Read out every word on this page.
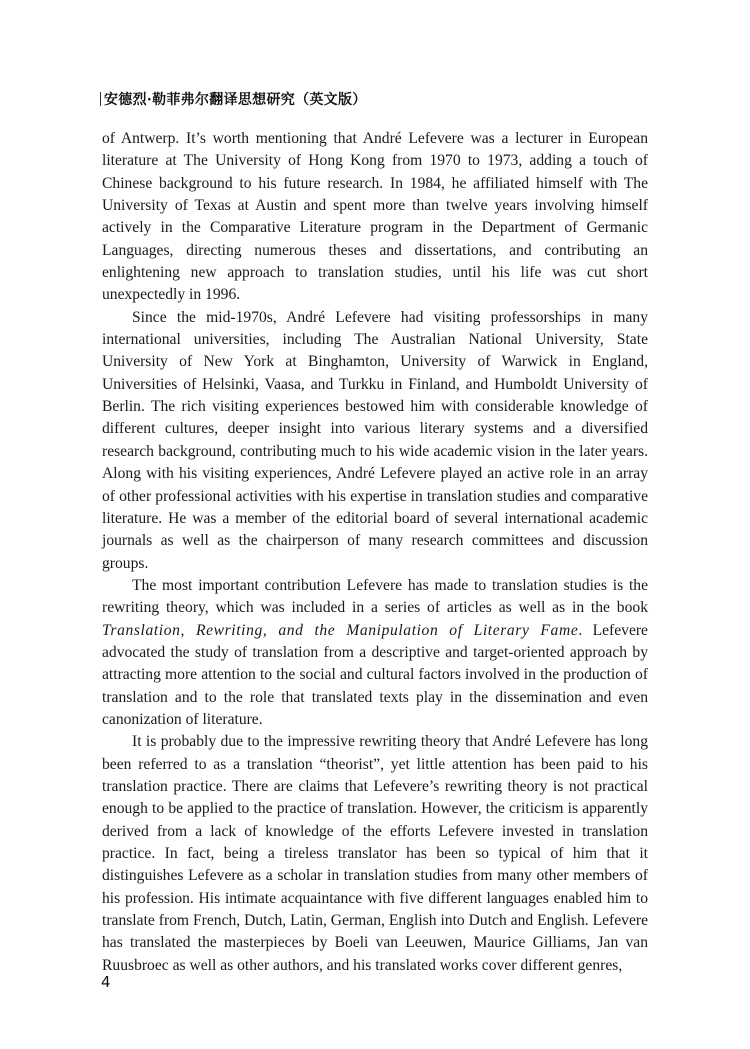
安德烈·勒菲弗尔翻译思想研究（英文版）

of Antwerp. It’s worth mentioning that André Lefevere was a lecturer in European literature at The University of Hong Kong from 1970 to 1973, adding a touch of Chinese background to his future research. In 1984, he affiliated himself with The University of Texas at Austin and spent more than twelve years involving himself actively in the Comparative Literature program in the Department of Germanic Languages, directing numerous theses and dissertations, and contributing an enlightening new approach to translation studies, until his life was cut short unexpectedly in 1996.

Since the mid-1970s, André Lefevere had visiting professorships in many international universities, including The Australian National University, State University of New York at Binghamton, University of Warwick in England, Universities of Helsinki, Vaasa, and Turkku in Finland, and Humboldt University of Berlin. The rich visiting experiences bestowed him with considerable knowledge of different cultures, deeper insight into various literary systems and a diversified research background, contributing much to his wide academic vision in the later years. Along with his visiting experiences, André Lefevere played an active role in an array of other professional activities with his expertise in translation studies and comparative literature. He was a member of the editorial board of several international academic journals as well as the chairperson of many research committees and discussion groups.

The most important contribution Lefevere has made to translation studies is the rewriting theory, which was included in a series of articles as well as in the book Translation, Rewriting, and the Manipulation of Literary Fame. Lefevere advocated the study of translation from a descriptive and target-oriented approach by attracting more attention to the social and cultural factors involved in the production of translation and to the role that translated texts play in the dissemination and even canonization of literature.

It is probably due to the impressive rewriting theory that André Lefevere has long been referred to as a translation “theorist”, yet little attention has been paid to his translation practice. There are claims that Lefevere’s rewriting theory is not practical enough to be applied to the practice of translation. However, the criticism is apparently derived from a lack of knowledge of the efforts Lefevere invested in translation practice. In fact, being a tireless translator has been so typical of him that it distinguishes Lefevere as a scholar in translation studies from many other members of his profession. His intimate acquaintance with five different languages enabled him to translate from French, Dutch, Latin, German, English into Dutch and English. Lefevere has translated the masterpieces by Boeli van Leeuwen, Maurice Gilliams, Jan van Ruusbroec as well as other authors, and his translated works cover different genres,

4
